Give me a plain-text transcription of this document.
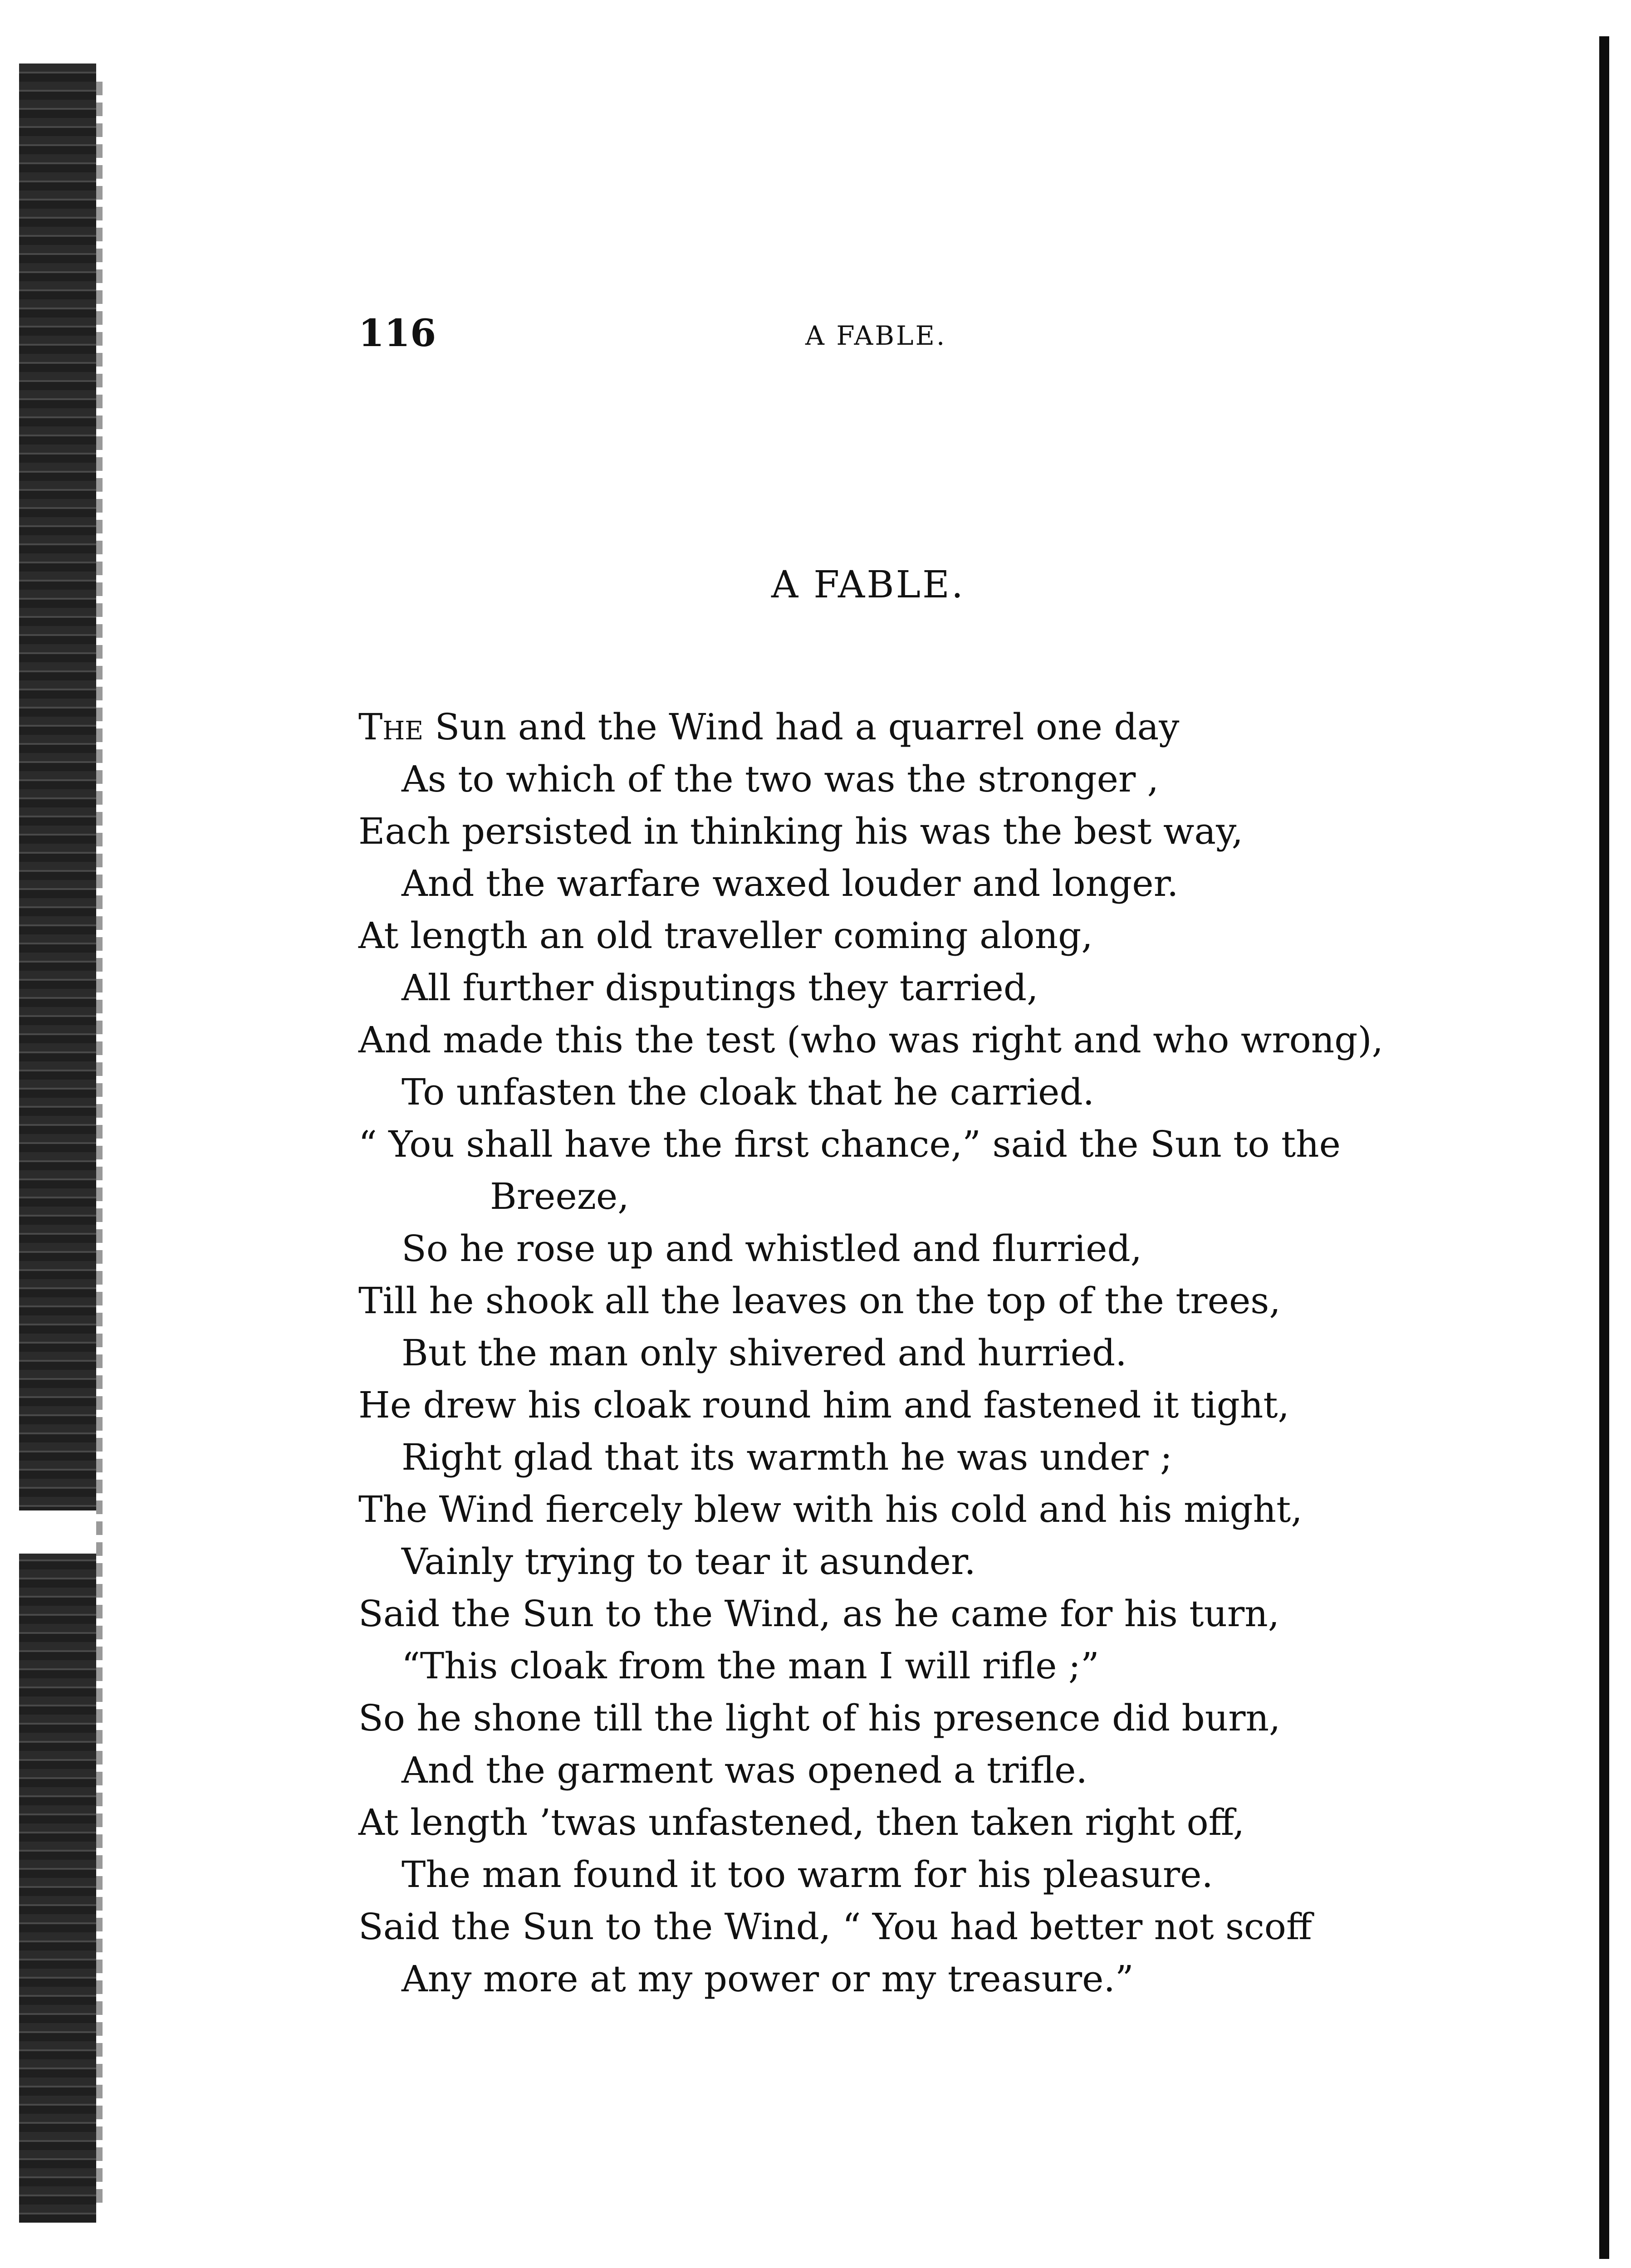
116	A FABLE.
A FABLE.
The Sun and the Wind had a quarrel one day
As to which of the two was the stronger ,
Each persisted in thinking his was the best way,
And the warfare waxed louder and longer.
At length an old traveller coming along,
All further disputings they tarried,
And made this the test (who was right and who wrong),
To unfasten the cloak that he carried.
“ You shall have the first chance,” said the Sun to the
Breeze,
So he rose up and whistled and flurried,
Till he shook all the leaves on the top of the trees,
But the man only shivered and hurried.
He drew his cloak round him and fastened it tight,
Right glad that its warmth he was under ;
The Wind fiercely blew with his cold and his might,
Vainly trying to tear it asunder.
Said the Sun to the Wind, as he came for his turn,
“This cloak from the man I will rifle ;”
So he shone till the light of his presence did burn,
And the garment was opened a trifle.
At length ’twas unfastened, then taken right off,
The man found it too warm for his pleasure.
Said the Sun to the Wind, “ You had better not scoff
Any more at my power or my treasure.”
